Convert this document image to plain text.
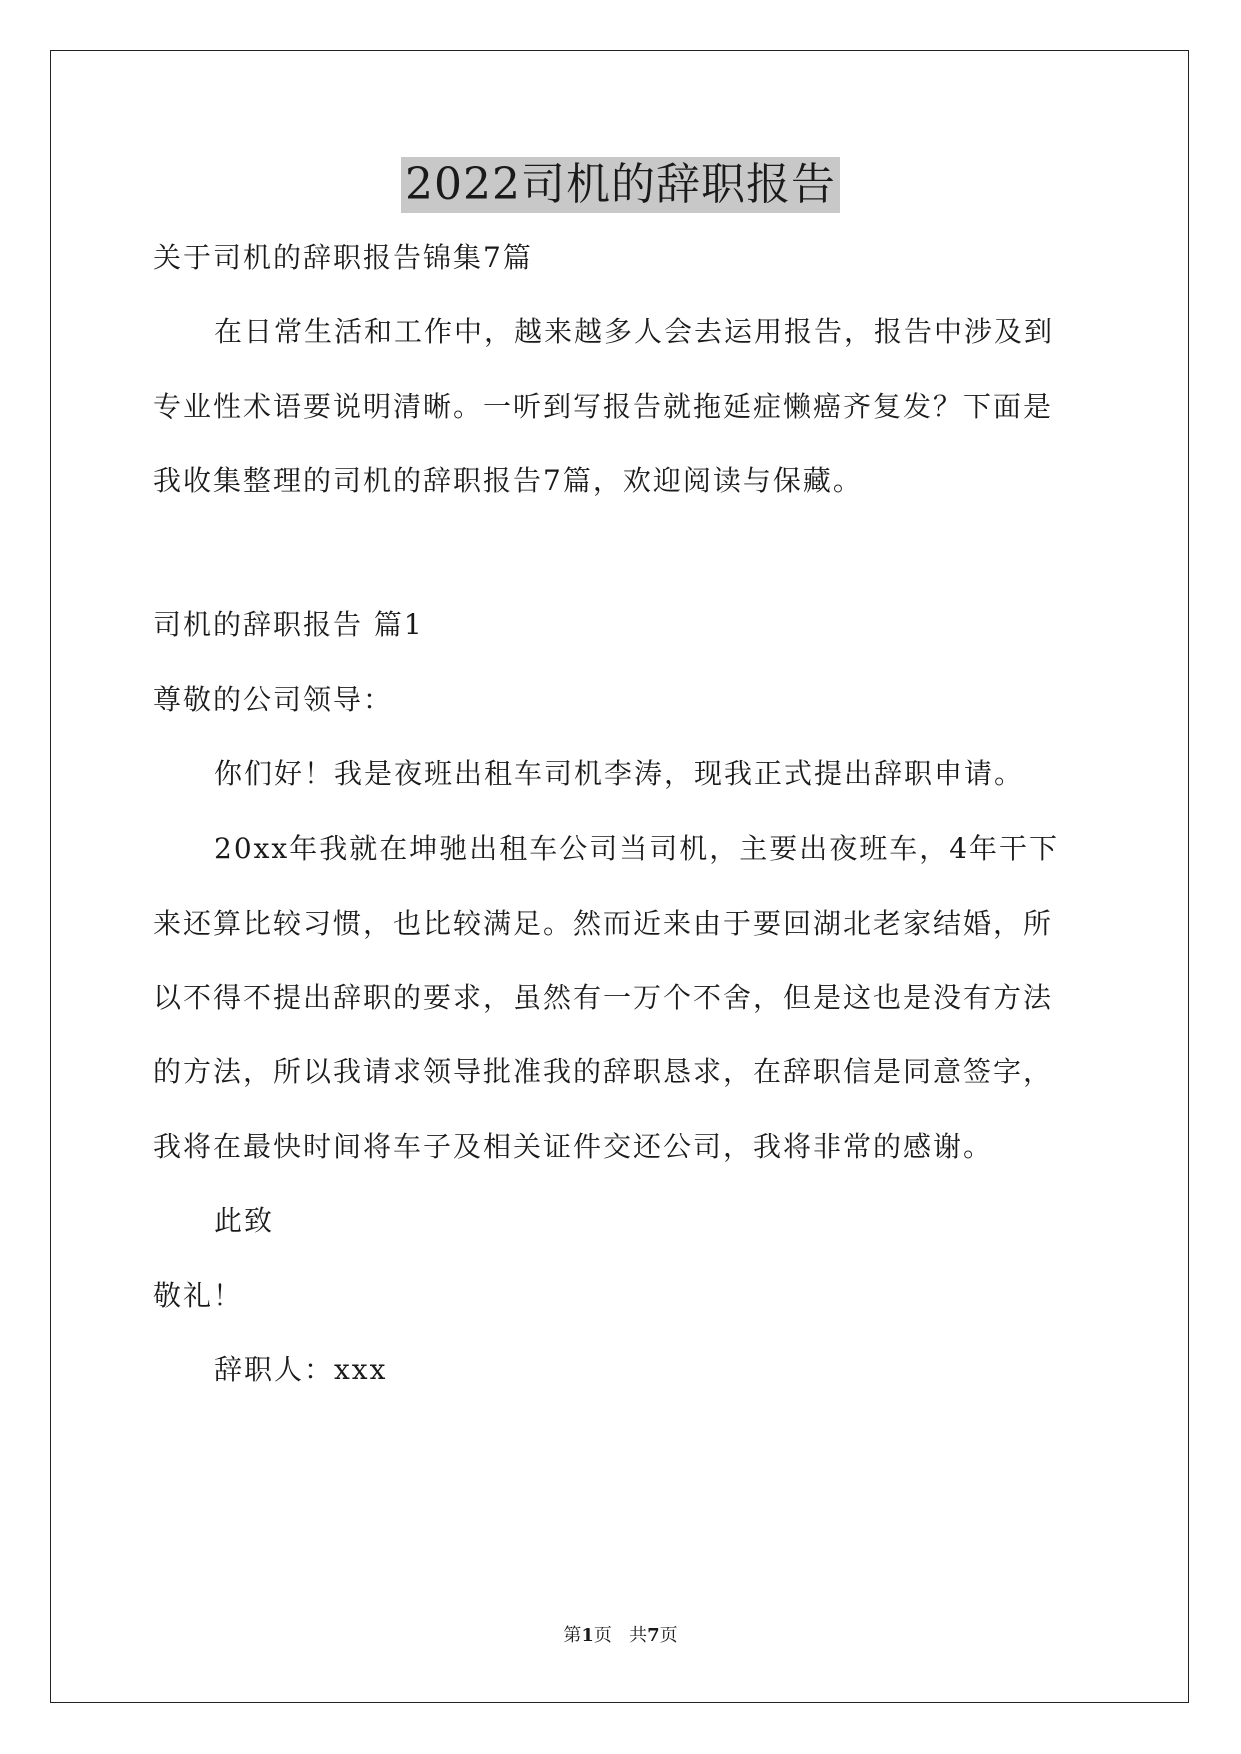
2022司机的辞职报告
关于司机的辞职报告锦集7篇
在日常生活和工作中，越来越多人会去运用报告，报告中涉及到
专业性术语要说明清晰。一听到写报告就拖延症懒癌齐复发？下面是
我收集整理的司机的辞职报告7篇，欢迎阅读与保藏。
司机的辞职报告 篇1
尊敬的公司领导：
你们好！我是夜班出租车司机李涛，现我正式提出辞职申请。
20xx年我就在坤驰出租车公司当司机，主要出夜班车，4年干下
来还算比较习惯，也比较满足。然而近来由于要回湖北老家结婚，所
以不得不提出辞职的要求，虽然有一万个不舍，但是这也是没有方法
的方法，所以我请求领导批准我的辞职恳求，在辞职信是同意签字，
我将在最快时间将车子及相关证件交还公司，我将非常的感谢。
此致
敬礼！
辞职人：xxx
第1页 共7页
